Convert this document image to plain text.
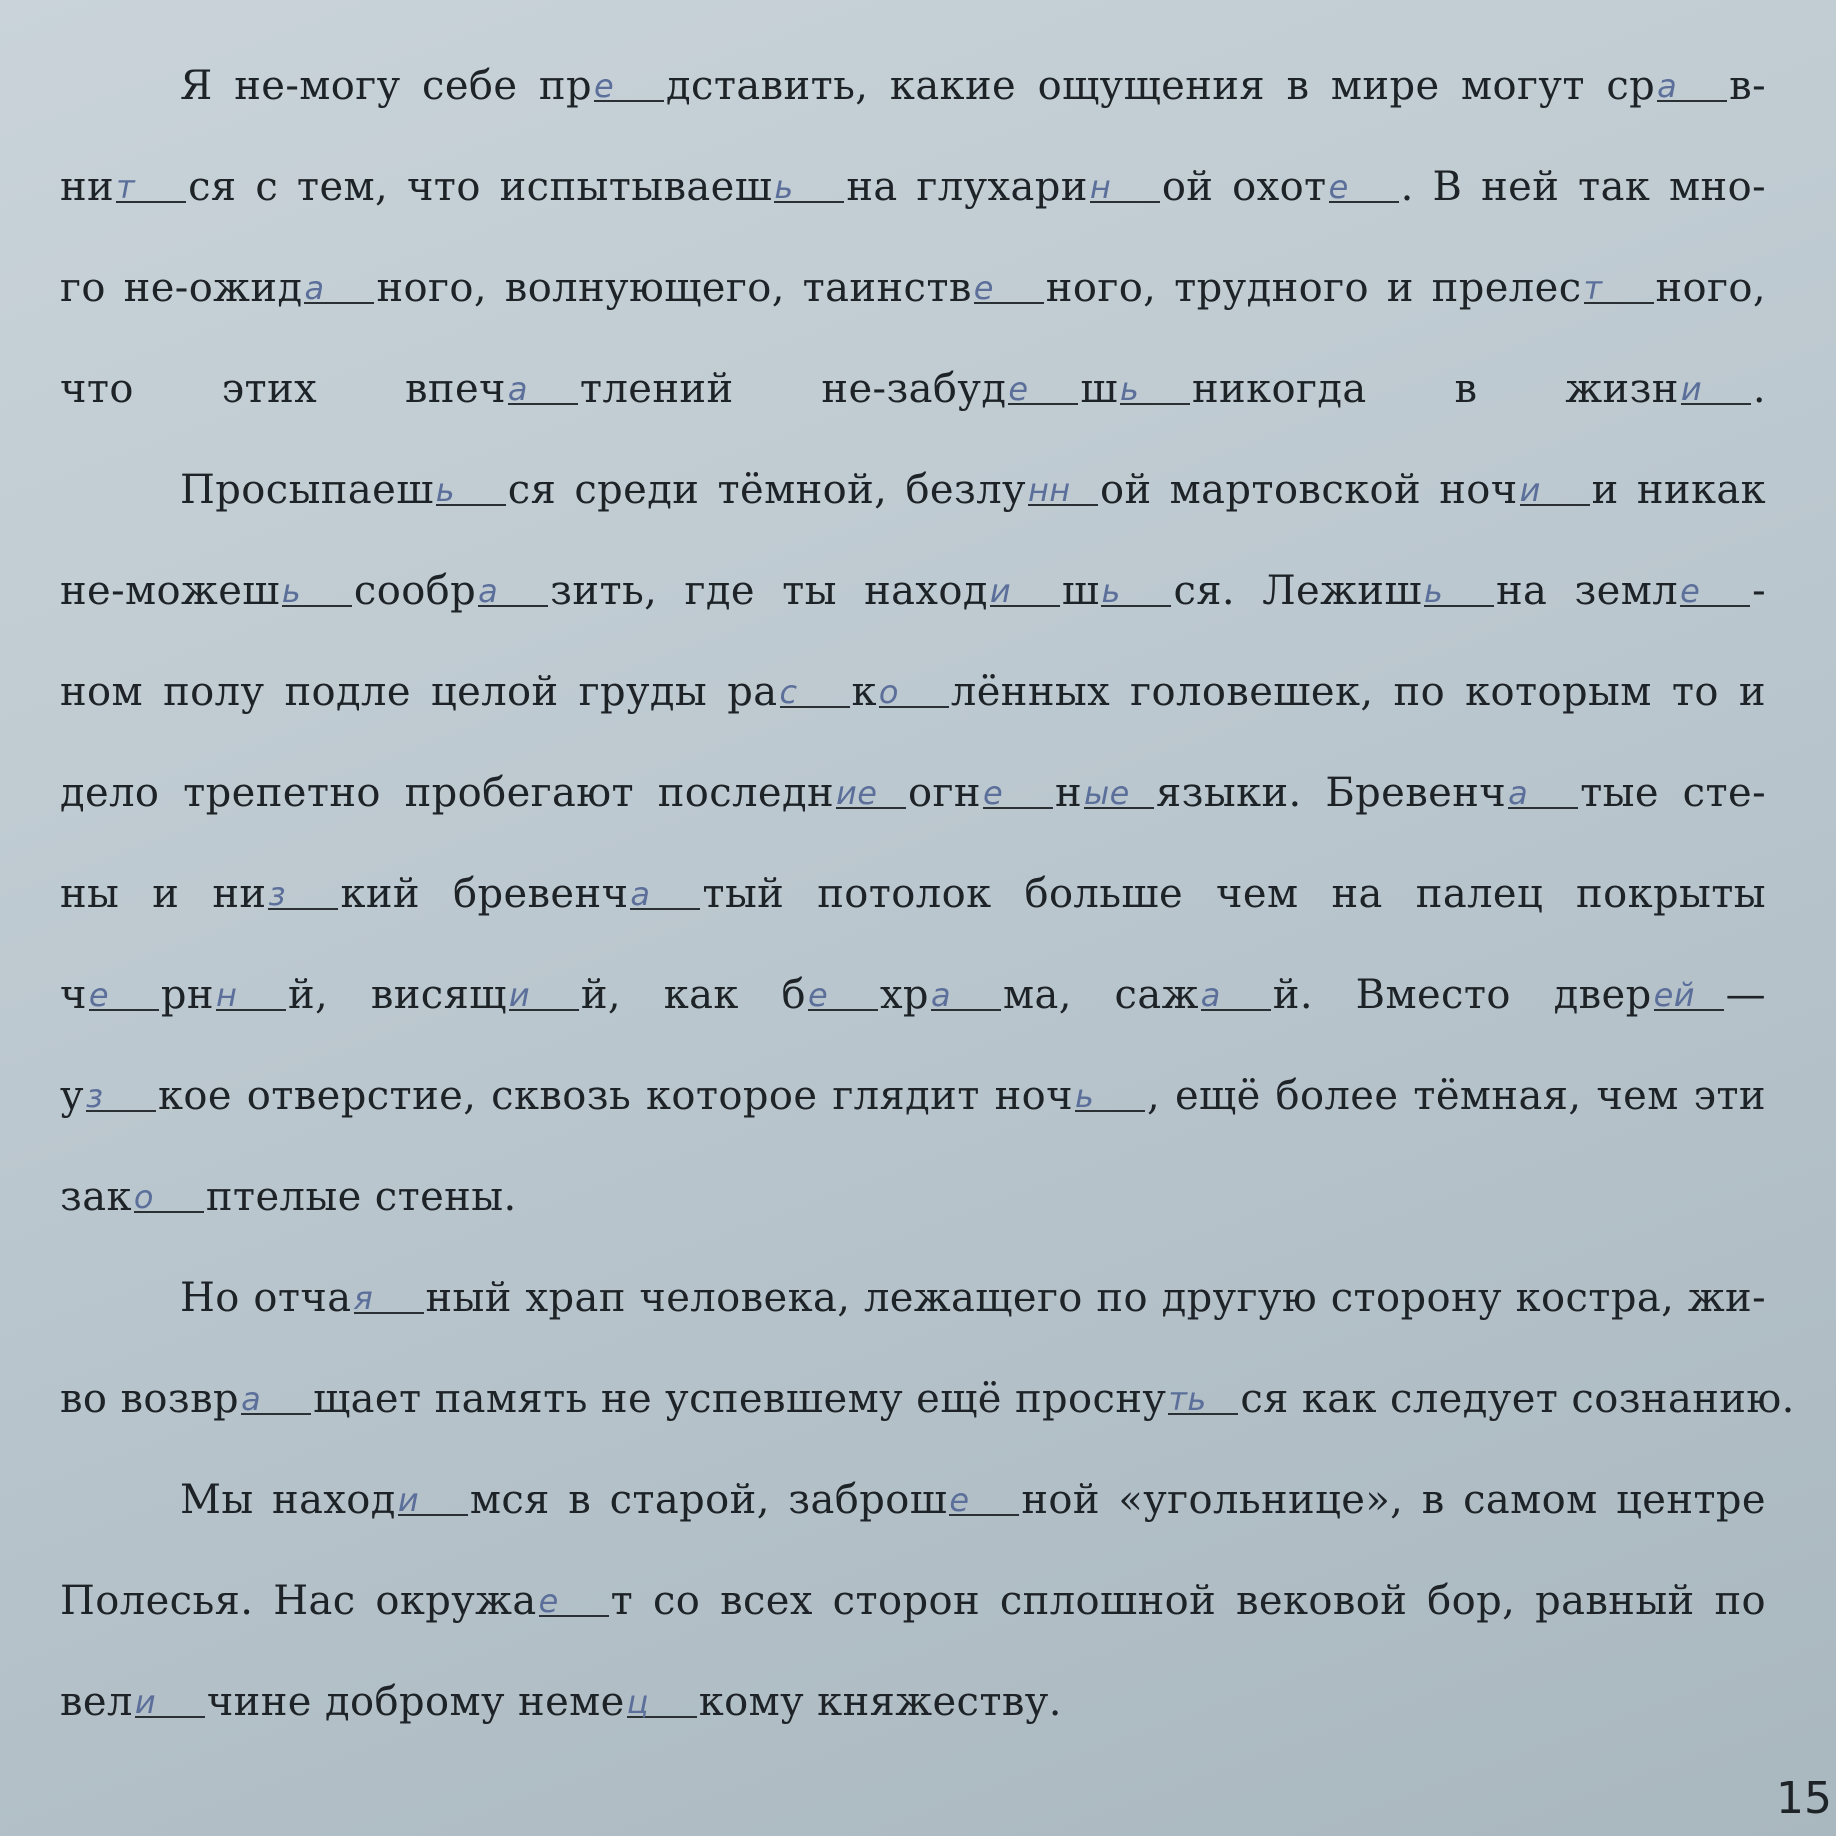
Я не-могу себе пре дставить, какие ощущения в мире могут сра в-
нит ся с тем, что испытываешь на глухарин ой охоте . В ней так мно-
го не-ожида ного, волнующего, таинстве ного, трудного и прелест ного,
что этих впеча тлений не-забуде шь никогда в жизни .
Просыпаешь ся среди тёмной, безлунн ой мартовской ночи и никак
не-можешь сообра зить, где ты находи шь ся. Лежишь на земле -
ном полу подле целой груды рас ко лённых головешек, по которым то и
дело трепетно пробегают последние огне ные языки. Бревенча тые сте-
ны и низ кий бревенча тый потолок больше чем на палец покрыты
че рнн й, висящи й, как бе хра ма, сажа й. Вместо дверей —
уз кое отверстие, сквозь которое глядит ночь , ещё более тёмная, чем эти
зако птелые стены.
Но отчая ный храп человека, лежащего по другую сторону костра, жи-
во возвра щает память не успевшему ещё проснуть ся как следует сознанию.
Мы находи мся в старой, заброше ной «угольнице», в самом центре
Полесья. Нас окружае т со всех сторон сплошной вековой бор, равный по
вели чине доброму немец кому княжеству.
15
